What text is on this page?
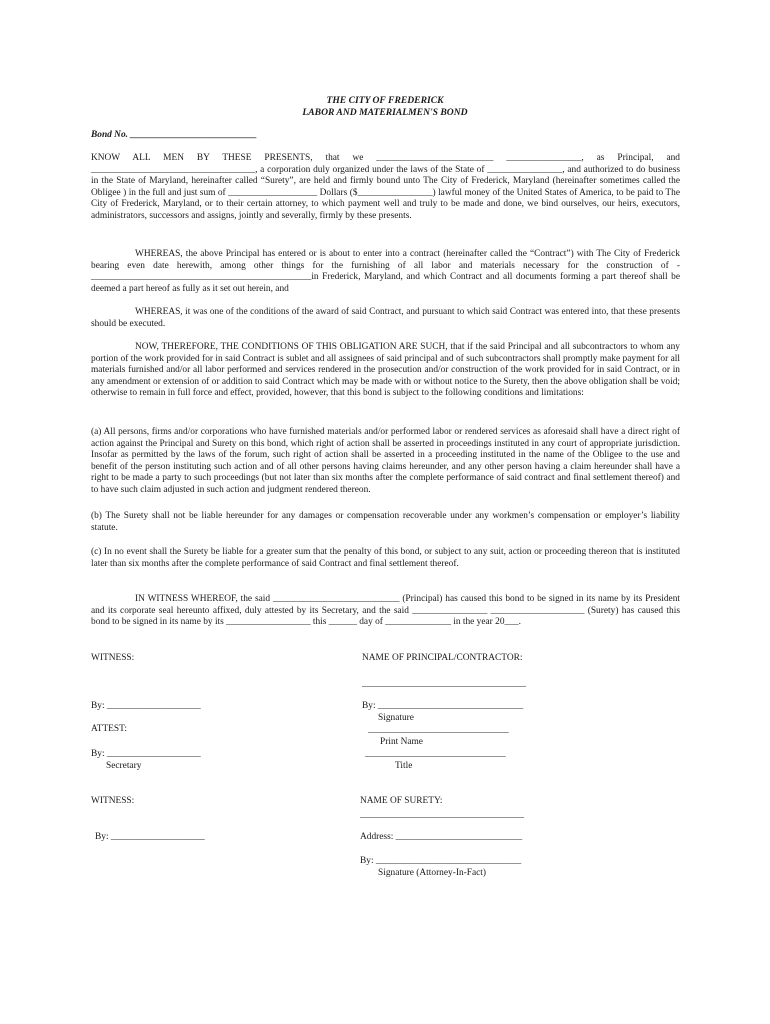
THE CITY OF FREDERICK
LABOR AND MATERIALMEN'S BOND
Bond No. ___________________________
KNOW ALL MEN BY THESE PRESENTS, that we _________________________ ________________, as Principal, and ___________________________________, a corporation duly organized under the laws of the State of ________________, and authorized to do business in the State of Maryland, hereinafter called “Surety”, are held and firmly bound unto The City of Frederick, Maryland (hereinafter sometimes called the Obligee ) in the full and just sum of ___________________ Dollars ($________________) lawful money of the United States of America, to be paid to The City of Frederick, Maryland, or to their certain attorney, to which payment well and truly to be made and done, we bind ourselves, our heirs, executors, administrators, successors and assigns, jointly and severally, firmly by these presents.
WHEREAS, the above Principal has entered or is about to enter into a contract (hereinafter called the “Contract”) with The City of Frederick bearing even date herewith, among other things for the furnishing of all labor and materials necessary for the construction of - _______________________________________________in Frederick, Maryland, and which Contract and all documents forming a part thereof shall be deemed a part hereof as fully as it set out herein, and
WHEREAS, it was one of the conditions of the award of said Contract, and pursuant to which said Contract was entered into, that these presents should be executed.
NOW, THEREFORE, THE CONDITIONS OF THIS OBLIGATION ARE SUCH, that if the said Principal and all subcontractors to whom any portion of the work provided for in said Contract is sublet and all assignees of said principal and of such subcontractors shall promptly make payment for all materials furnished and/or all labor performed and services rendered in the prosecution and/or construction of the work provided for in said Contract, or in any amendment or extension of or addition to said Contract which may be made with or without notice to the Surety, then the above obligation shall be void; otherwise to remain in full force and effect, provided, however, that this bond is subject to the following conditions and limitations:
(a) All persons, firms and/or corporations who have furnished materials and/or performed labor or rendered services as aforesaid shall have a direct right of action against the Principal and Surety on this bond, which right of action shall be asserted in proceedings instituted in any court of appropriate jurisdiction. Insofar as permitted by the laws of the forum, such right of action shall be asserted in a proceeding instituted in the name of the Obligee to the use and benefit of the person instituting such action and of all other persons having claims hereunder, and any other person having a claim hereunder shall have a right to be made a party to such proceedings (but not later than six months after the complete performance of said contract and final settlement thereof) and to have such claim adjusted in such action and judgment rendered thereon.
(b) The Surety shall not be liable hereunder for any damages or compensation recoverable under any workmen’s compensation or employer’s liability statute.
(c) In no event shall the Surety be liable for a greater sum that the penalty of this bond, or subject to any suit, action or proceeding thereon that is instituted later than six months after the complete performance of said Contract and final settlement thereof.
IN WITNESS WHEREOF, the said ___________________________ (Principal) has caused this bond to be signed in its name by its President and its corporate seal hereunto affixed, duly attested by its Secretary, and the said ________________ ____________________ (Surety) has caused this bond to be signed in its name by its __________________ this ______ day of ______________ in the year 20___.
WITNESS:	NAME OF PRINCIPAL/CONTRACTOR:
___________________________________
By: ____________________	By: _______________________________
Signature
ATTEST:	______________________________
Print Name
By: ____________________	______________________________
Secretary	Title
WITNESS:	NAME OF SURETY:
___________________________________
By: ____________________	Address: ___________________________
By: _______________________________
Signature (Attorney-In-Fact)
